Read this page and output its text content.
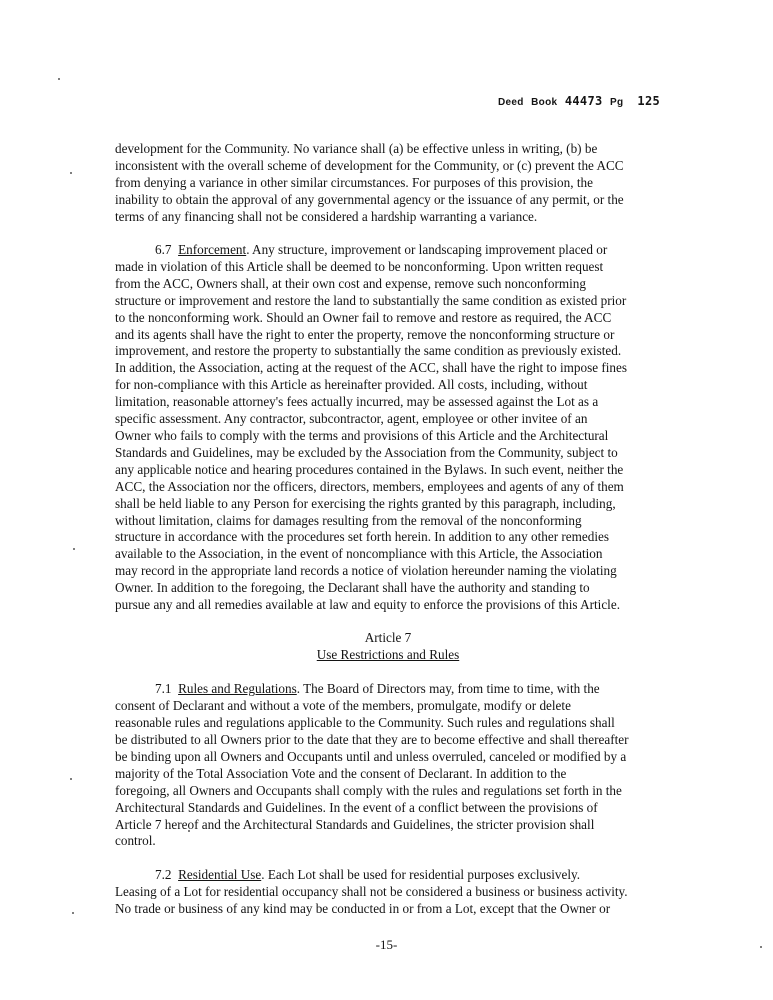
Deed Book 44473 Pg 125

development for the Community. No variance shall (a) be effective unless in writing, (b) be

inconsistent with the overall scheme of development for the Community, or (c) prevent the ACC

from denying a variance in other similar circumstances. For purposes of this provision, the

inability to obtain the approval of any governmental agency or the issuance of any permit, or the

terms of any financing shall not be considered a hardship warranting a variance.

6.7 Enforcement. Any structure, improvement or landscaping improvement placed or

made in violation of this Article shall be deemed to be nonconforming. Upon written request

from the ACC, Owners shall, at their own cost and expense, remove such nonconforming

structure or improvement and restore the land to substantially the same condition as existed prior

to the nonconforming work. Should an Owner fail to remove and restore as required, the ACC

and its agents shall have the right to enter the property, remove the nonconforming structure or

improvement, and restore the property to substantially the same condition as previously existed.

In addition, the Association, acting at the request of the ACC, shall have the right to impose fines

for non-compliance with this Article as hereinafter provided. All costs, including, without

limitation, reasonable attorney's fees actually incurred, may be assessed against the Lot as a

specific assessment. Any contractor, subcontractor, agent, employee or other invitee of an

Owner who fails to comply with the terms and provisions of this Article and the Architectural

Standards and Guidelines, may be excluded by the Association from the Community, subject to

any applicable notice and hearing procedures contained in the Bylaws. In such event, neither the

ACC, the Association nor the officers, directors, members, employees and agents of any of them

shall be held liable to any Person for exercising the rights granted by this paragraph, including,

without limitation, claims for damages resulting from the removal of the nonconforming

structure in accordance with the procedures set forth herein. In addition to any other remedies

available to the Association, in the event of noncompliance with this Article, the Association

may record in the appropriate land records a notice of violation hereunder naming the violating

Owner. In addition to the foregoing, the Declarant shall have the authority and standing to

pursue any and all remedies available at law and equity to enforce the provisions of this Article.

Article 7

Use Restrictions and Rules

7.1 Rules and Regulations. The Board of Directors may, from time to time, with the

consent of Declarant and without a vote of the members, promulgate, modify or delete

reasonable rules and regulations applicable to the Community. Such rules and regulations shall

be distributed to all Owners prior to the date that they are to become effective and shall thereafter

be binding upon all Owners and Occupants until and unless overruled, canceled or modified by a

majority of the Total Association Vote and the consent of Declarant. In addition to the

foregoing, all Owners and Occupants shall comply with the rules and regulations set forth in the

Architectural Standards and Guidelines. In the event of a conflict between the provisions of

Article 7 hereof and the Architectural Standards and Guidelines, the stricter provision shall

control.

7.2 Residential Use. Each Lot shall be used for residential purposes exclusively.

Leasing of a Lot for residential occupancy shall not be considered a business or business activity.

No trade or business of any kind may be conducted in or from a Lot, except that the Owner or

-15-
